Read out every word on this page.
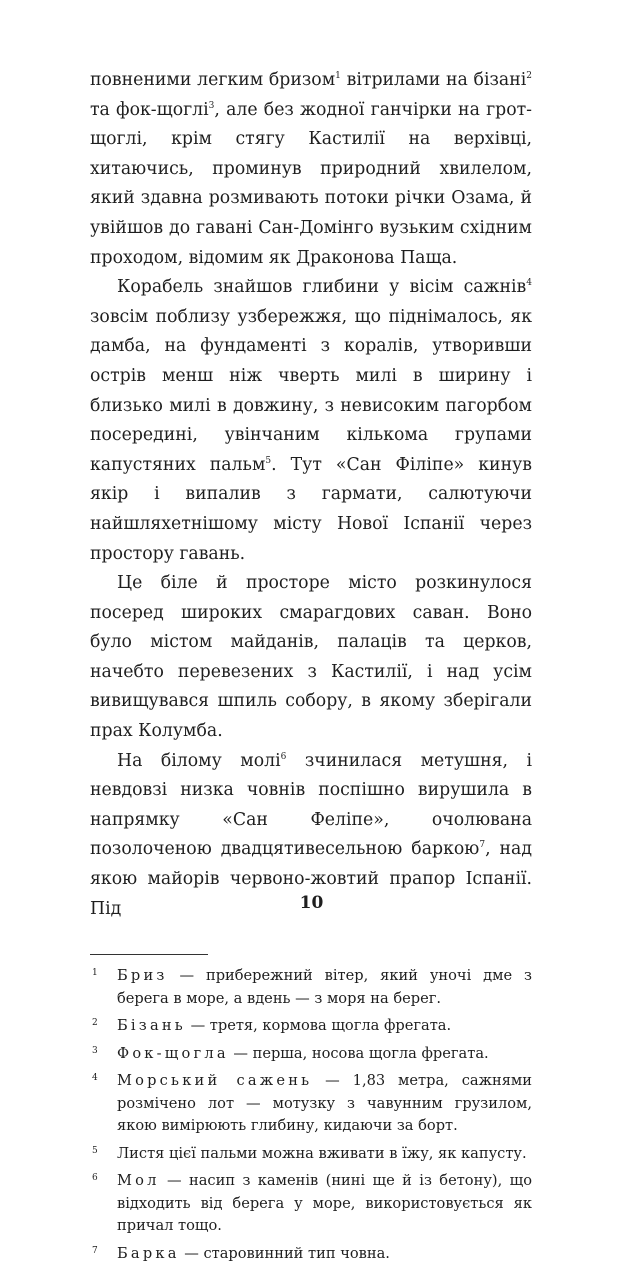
повненими легким бризом$^1$ вітрилами на бізані$^2$ та фок-щоглі$^3$, але без жодної ганчірки на грот-щоглі, крім стягу Кастилії на верхівці, хитаючись, проминув природний хвилелом, який здавна розмивають потоки річки Озама, й увійшов до гавані Сан-Домінго вузьким східним проходом, відомим як Драконова Паща.

Корабель знайшов глибини у вісім сажнів$^4$ зовсім поблизу узбережжя, що піднімалось, як дамба, на фундаменті з коралів, утворивши острів менш ніж чверть милі в ширину і близько милі в довжину, з невисоким пагорбом посередині, увінчаним кількома групами капустяних пальм$^5$. Тут «Сан Філіпе» кинув якір і випалив з гармати, салютуючи найшляхетнішому місту Нової Іспанії через простору гавань.

Це біле й просторе місто розкинулося посеред широких смарагдових саван. Воно було містом майданів, палаців та церков, начебто перевезених з Кастилії, і над усім вивищувався шпиль собору, в якому зберігали прах Колумба.

На білому молі$^6$ зчинилася метушня, і невдовзі низка човнів поспішно вирушила в напрямку «Сан Феліпе», очолювана позолоченою двадцятивесельною баркою$^7$, над якою майорів червоно-жовтий прапор Іспанії. Під

1 Бриз — прибережний вітер, який уночі дме з берега в море, а вдень — з моря на берег.

2 Бізань — третя, кормова щогла фрегата.

3 Фок-щогла — перша, носова щогла фрегата.

4 Морський сажень — 1,83 метра, сажнями розмічено лот — мотузку з чавунним грузилом, якою вимірюють глибину, кидаючи за борт.

5 Листя цієї пальми можна вживати в їжу, як капусту.

6 Мол — насип з каменів (нині ще й із бетону), що відходить від берега у море, використовується як причал тощо.

7 Барка — старовинний тип човна.

10
